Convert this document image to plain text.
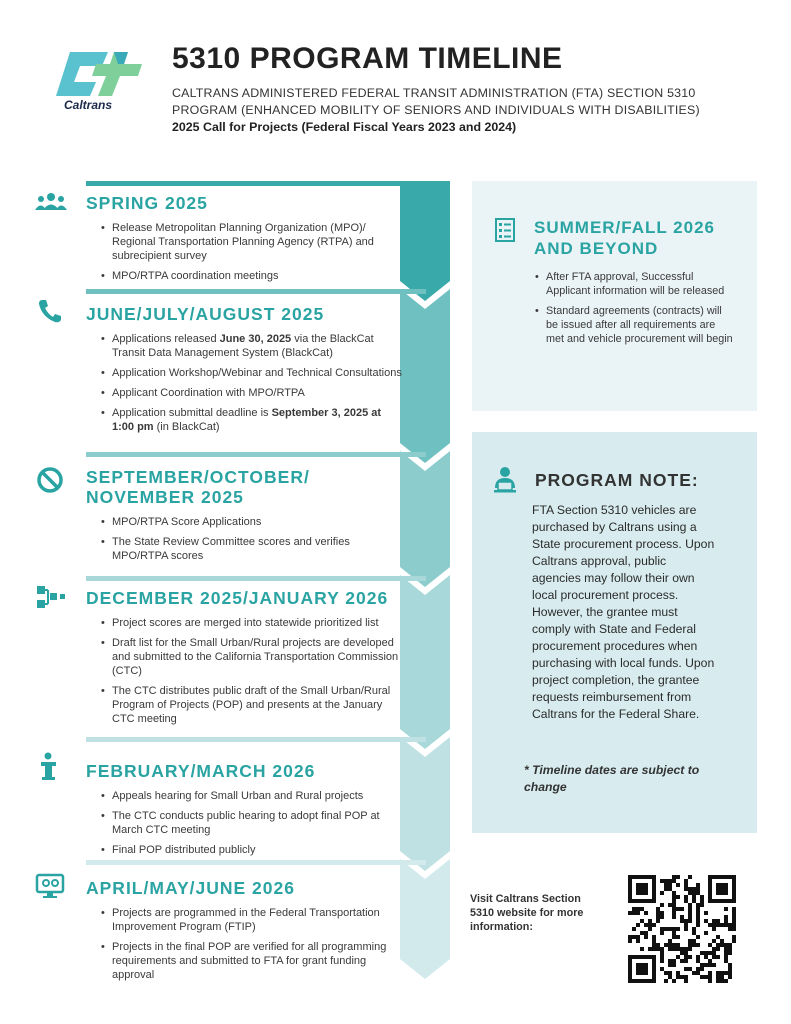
Caltrans
5310 PROGRAM TIMELINE
CALTRANS ADMINISTERED FEDERAL TRANSIT ADMINISTRATION (FTA) SECTION 5310
PROGRAM (ENHANCED MOBILITY OF SENIORS AND INDIVIDUALS WITH DISABILITIES)
2025 Call for Projects (Federal Fiscal Years 2023 and 2024)
SPRING 2025
• Release Metropolitan Planning Organization (MPO)/ Regional Transportation Planning Agency (RTPA) and subrecipient survey
• MPO/RTPA coordination meetings
JUNE/JULY/AUGUST 2025
• Applications released June 30, 2025 via the BlackCat Transit Data Management System (BlackCat)
• Application Workshop/Webinar and Technical Consultations
• Applicant Coordination with MPO/RTPA
• Application submittal deadline is September 3, 2025 at 1:00 pm (in BlackCat)
SEPTEMBER/OCTOBER/ NOVEMBER 2025
• MPO/RTPA Score Applications
• The State Review Committee scores and verifies MPO/RTPA scores
DECEMBER 2025/JANUARY 2026
• Project scores are merged into statewide prioritized list
• Draft list for the Small Urban/Rural projects are developed and submitted to the California Transportation Commission (CTC)
• The CTC distributes public draft of the Small Urban/Rural Program of Projects (POP) and presents at the January CTC meeting
FEBRUARY/MARCH 2026
• Appeals hearing for Small Urban and Rural projects
• The CTC conducts public hearing to adopt final POP at March CTC meeting
• Final POP distributed publicly
APRIL/MAY/JUNE 2026
• Projects are programmed in the Federal Transportation Improvement Program (FTIP)
• Projects in the final POP are verified for all programming requirements and submitted to FTA for grant funding approval
SUMMER/FALL 2026 AND BEYOND
• After FTA approval, Successful Applicant information will be released
• Standard agreements (contracts) will be issued after all requirements are met and vehicle procurement will begin
PROGRAM NOTE:
FTA Section 5310 vehicles are purchased by Caltrans using a State procurement process. Upon Caltrans approval, public agencies may follow their own local procurement process. However, the grantee must comply with State and Federal procurement procedures when purchasing with local funds. Upon project completion, the grantee requests reimbursement from Caltrans for the Federal Share.
* Timeline dates are subject to change
Visit Caltrans Section 5310 website for more information:
